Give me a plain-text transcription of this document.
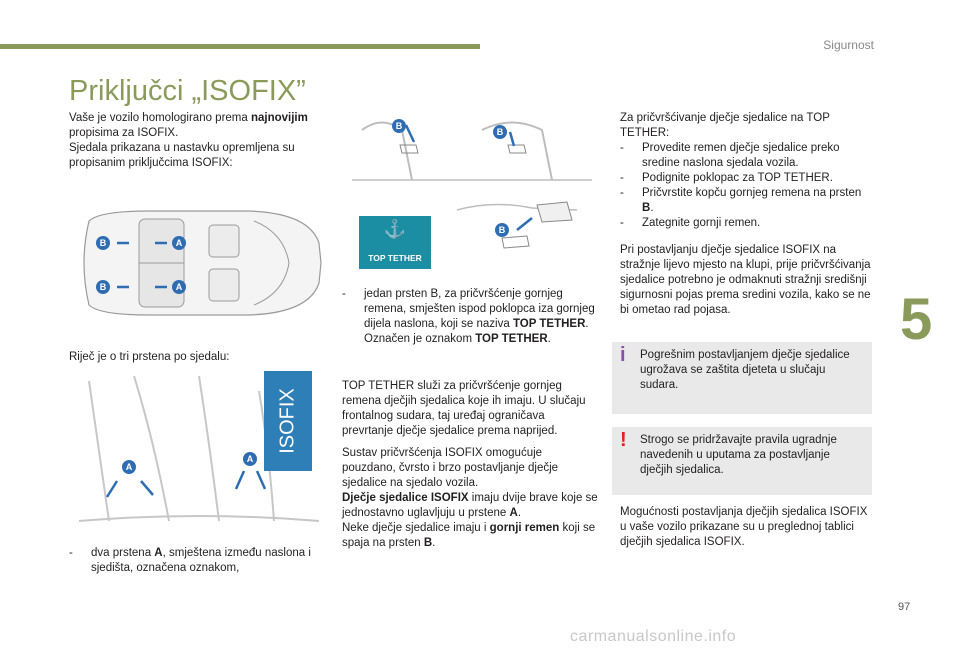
Sigurnost
5
97
Priključci „ISOFIX”
Vaše je vozilo homologirano prema najnovijim
propisima za ISOFIX.
Sjedala prikazana u nastavku opremljena su
propisanim priključcima ISOFIX:
B	A
B	A
Riječ je o tri prstena po sjedalu:
ISOFIX
A
A
-	dva prstena A, smještena između naslona i sjedišta, označena oznakom,
B
B
⚓
TOP TETHER
B
-	jedan prsten B, za pričvršćenje gornjeg remena, smješten ispod poklopca iza gornjeg dijela naslona, koji se naziva TOP TETHER. Označen je oznakom TOP TETHER.
TOP TETHER služi za pričvršćenje gornjeg remena dječjih sjedalica koje ih imaju. U slučaju frontalnog sudara, taj uređaj ograničava prevrtanje dječje sjedalice prema naprijed.
Sustav pričvršćenja ISOFIX omogućuje pouzdano, čvrsto i brzo postavljanje dječje sjedalice na sjedalo vozila.
Dječje sjedalice ISOFIX imaju dvije brave koje se jednostavno uglavljuju u prstene A.
Neke dječje sjedalice imaju i gornji remen koji se spaja na prsten B.
Za pričvršćivanje dječje sjedalice na TOP TETHER:
-	Provedite remen dječje sjedalice preko sredine naslona sjedala vozila.
-	Podignite poklopac za TOP TETHER.
-	Pričvrstite kopču gornjeg remena na prsten B.
-	Zategnite gornji remen.
Pri postavljanju dječje sjedalice ISOFIX na stražnje lijevo mjesto na klupi, prije pričvršćivanja sjedalice potrebno je odmaknuti stražnji središnji sigurnosni pojas prema sredini vozila, kako se ne bi ometao rad pojasa.
i Pogrešnim postavljanjem dječje sjedalice ugrožava se zaštita djeteta u slučaju sudara.
! Strogo se pridržavajte pravila ugradnje navedenih u uputama za postavljanje dječjih sjedalica.
Mogućnosti postavljanja dječjih sjedalica ISOFIX u vaše vozilo prikazane su u preglednoj tablici dječjih sjedalica ISOFIX.
carmanualsonline.info
